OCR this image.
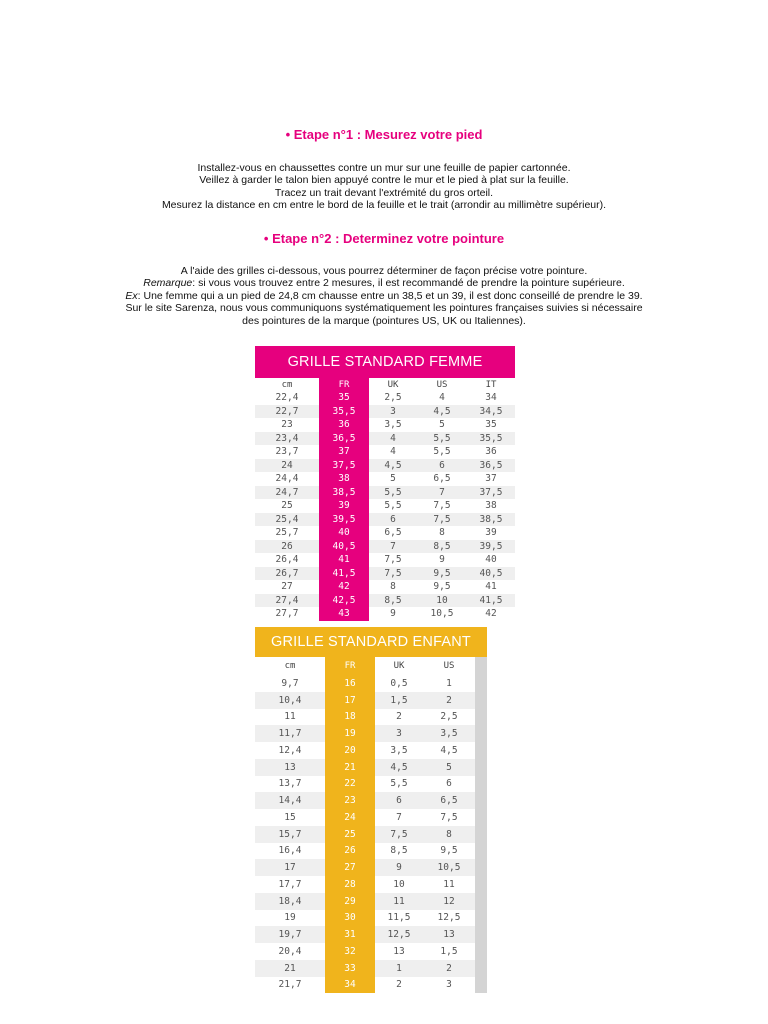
• Etape n°1 : Mesurez votre pied
Installez-vous en chaussettes contre un mur sur une feuille de papier cartonnée.
Veillez à garder le talon bien appuyé contre le mur et le pied à plat sur la feuille.
Tracez un trait devant l'extrémité du gros orteil.
Mesurez la distance en cm entre le bord de la feuille et le trait (arrondir au millimètre supérieur).
• Etape n°2 : Determinez votre pointure
A l'aide des grilles ci-dessous, vous pourrez déterminer de façon précise votre pointure.
Remarque: si vous vous trouvez entre 2 mesures, il est recommandé de prendre la pointure supérieure.
Ex: Une femme qui a un pied de 24,8 cm chausse entre un 38,5 et un 39, il est donc conseillé de prendre le 39.
Sur le site Sarenza, nous vous communiquons systématiquement les pointures françaises suivies si nécessaire
des pointures de la marque (pointures US, UK ou Italiennes).
GRILLE STANDARD FEMME
cm	FR	UK	US	IT
22,4	35	2,5	4	34
22,7	35,5	3	4,5	34,5
23	36	3,5	5	35
23,4	36,5	4	5,5	35,5
23,7	37	4	5,5	36
24	37,5	4,5	6	36,5
24,4	38	5	6,5	37
24,7	38,5	5,5	7	37,5
25	39	5,5	7,5	38
25,4	39,5	6	7,5	38,5
25,7	40	6,5	8	39
26	40,5	7	8,5	39,5
26,4	41	7,5	9	40
26,7	41,5	7,5	9,5	40,5
27	42	8	9,5	41
27,4	42,5	8,5	10	41,5
27,7	43	9	10,5	42
GRILLE STANDARD ENFANT
cm	FR	UK	US	
9,7	16	0,5	1	
10,4	17	1,5	2	
11	18	2	2,5	
11,7	19	3	3,5	
12,4	20	3,5	4,5	
13	21	4,5	5	
13,7	22	5,5	6	
14,4	23	6	6,5	
15	24	7	7,5	
15,7	25	7,5	8	
16,4	26	8,5	9,5	
17	27	9	10,5	
17,7	28	10	11	
18,4	29	11	12	
19	30	11,5	12,5	
19,7	31	12,5	13	
20,4	32	13	1,5	
21	33	1	2	
21,7	34	2	3	
